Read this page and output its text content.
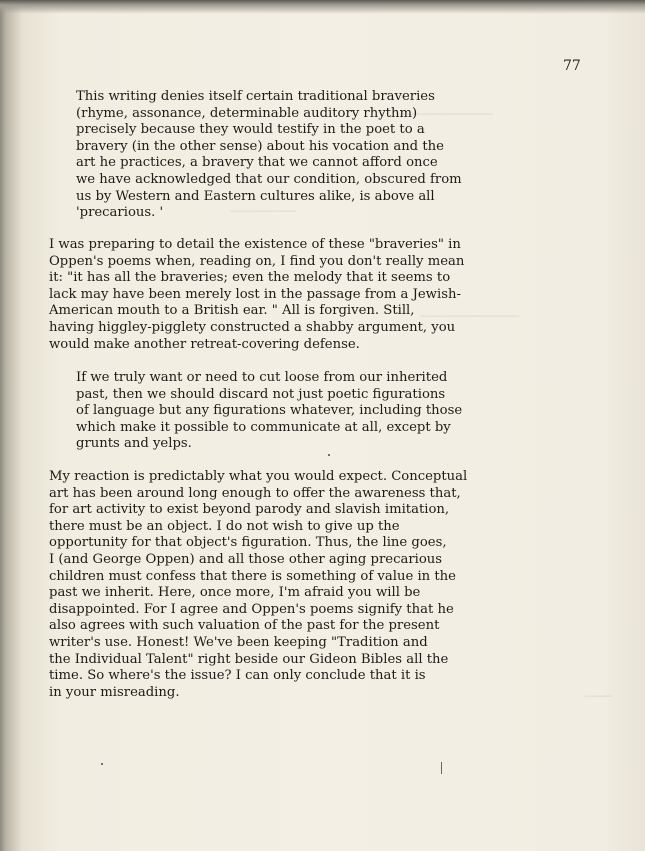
──────────────
──────────
───────────────
────
77
This writing denies itself certain traditional braveries
(rhyme, assonance, determinable auditory rhythm)
precisely because they would testify in the poet to a
bravery (in the other sense) about his vocation and the
art he practices, a bravery that we cannot afford once
we have acknowledged that our condition, obscured from
us by Western and Eastern cultures alike, is above all
'precarious. '
I was preparing to detail the existence of these "braveries" in
Oppen's poems when, reading on, I find you don't really mean
it: "it has all the braveries; even the melody that it seems to
lack may have been merely lost in the passage from a Jewish-
American mouth to a British ear. " All is forgiven. Still,
having higgley-pigglety constructed a shabby argument, you
would make another retreat-covering defense.
If we truly want or need to cut loose from our inherited
past, then we should discard not just poetic figurations
of language but any figurations whatever, including those
which make it possible to communicate at all, except by
grunts and yelps.
My reaction is predictably what you would expect. Conceptual
art has been around long enough to offer the awareness that,
for art activity to exist beyond parody and slavish imitation,
there must be an object. I do not wish to give up the
opportunity for that object's figuration. Thus, the line goes,
I (and George Oppen) and all those other aging precarious
children must confess that there is something of value in the
past we inherit. Here, once more, I'm afraid you will be
disappointed. For I agree and Oppen's poems signify that he
also agrees with such valuation of the past for the present
writer's use. Honest! We've been keeping "Tradition and
the Individual Talent" right beside our Gideon Bibles all the
time. So where's the issue? I can only conclude that it is
in your misreading.
